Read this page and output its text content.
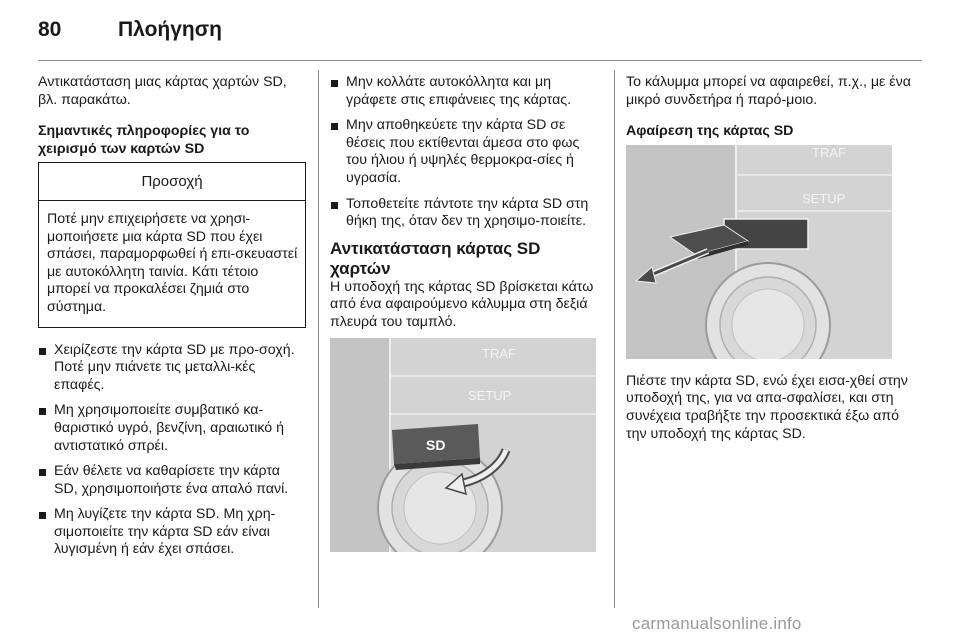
80	Πλοήγηση

Αντικατάσταση μιας κάρτας χαρτών SD, βλ. παρακάτω.

Σημαντικές πληροφορίες για το χειρισμό των καρτών SD
Προσοχή
Ποτέ μην επιχειρήσετε να χρησι-μοποιήσετε μια κάρτα SD που έχει σπάσει, παραμορφωθεί ή επι-σκευαστεί με αυτοκόλλητη ταινία. Κάτι τέτοιο μπορεί να προκαλέσει ζημιά στο σύστημα.
Χειρίζεστε την κάρτα SD με προ-σοχή. Ποτέ μην πιάνετε τις μεταλλι-κές επαφές.
Μη χρησιμοποιείτε συμβατικό κα-θαριστικό υγρό, βενζίνη, αραιωτικό ή αντιστατικό σπρέι.
Εάν θέλετε να καθαρίσετε την κάρτα SD, χρησιμοποιήστε ένα απαλό πανί.
Μη λυγίζετε την κάρτα SD. Μη χρη-σιμοποιείτε την κάρτα SD εάν είναι λυγισμένη ή εάν έχει σπάσει.
Μην κολλάτε αυτοκόλλητα και μη γράφετε στις επιφάνειες της κάρτας.
Μην αποθηκεύετε την κάρτα SD σε θέσεις που εκτίθενται άμεσα στο φως του ήλιου ή υψηλές θερμοκρα-σίες ή υγρασία.
Τοποθετείτε πάντοτε την κάρτα SD στη θήκη της, όταν δεν τη χρησιμο-ποιείτε.
Αντικατάσταση κάρτας SD χαρτών

Η υποδοχή της κάρτας SD βρίσκεται κάτω από ένα αφαιρούμενο κάλυμμα στη δεξιά πλευρά του ταμπλό.

TRAF
SETUP
SD

Το κάλυμμα μπορεί να αφαιρεθεί, π.χ., με ένα μικρό συνδετήρα ή παρό-μοιο.

Αφαίρεση της κάρτας SD
TRAF
SETUP

Πιέστε την κάρτα SD, ενώ έχει εισα-χθεί στην υποδοχή της, για να απα-σφαλίσει, και στη συνέχεια τραβήξτε την προσεκτικά έξω από την υποδοχή της κάρτας SD.

carmanualsonline.info
